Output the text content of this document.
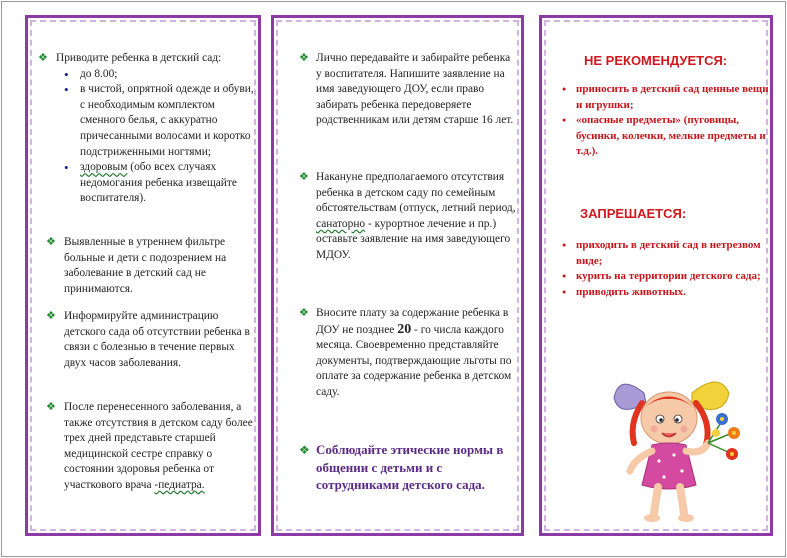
❖ Приводите ребенка в детский сад:
• до 8.00;
• в чистой, опрятной одежде и обуви, с необходимым комплектом сменного белья, с аккуратно причесанными волосами и коротко подстриженными ногтями;
• здоровым (обо всех случаях недомогания ребенка извещайте воспитателя).
❖ Выявленные в утреннем фильтре больные и дети с подозрением на заболевание в детский сад не принимаются.
❖ Информируйте администрацию детского сада об отсутствии ребенка в связи с болезнью в течение первых двух часов заболевания.
❖ После перенесенного заболевания, а также отсутствия в детском саду более трех дней представьте старшей медицинской сестре справку о состоянии здоровья ребенка от участкового врача -педиатра.
❖ Лично передавайте и забирайте ребенка у воспитателя. Напишите заявление на имя заведующего ДОУ, если право забирать ребенка передоверяете родственникам или детям старше 16 лет.
❖ Накануне предполагаемого отсутствия ребенка в детском саду по семейным обстоятельствам (отпуск, летний период, санаторно - курортное лечение и пр.) оставьте заявление на имя заведующего МДОУ.
❖ Вносите плату за содержание ребенка в ДОУ не позднее 20 - го числа каждого месяца. Своевременно представляйте документы, подтверждающие льготы по оплате за содержание ребенка в детском саду.
❖ Соблюдайте этические нормы в общении с детьми и с сотрудниками детского сада.
НЕ РЕКОМЕНДУЕТСЯ:
● приносить в детский сад ценные вещи и игрушки;
● «опасные предметы» (пуговицы, бусинки, колечки, мелкие предметы и т.д.).
ЗАПРЕШАЕТСЯ:
● приходить в детский сад в нетрезвом виде;
● курить на территории детского сада;
● приводить животных.
